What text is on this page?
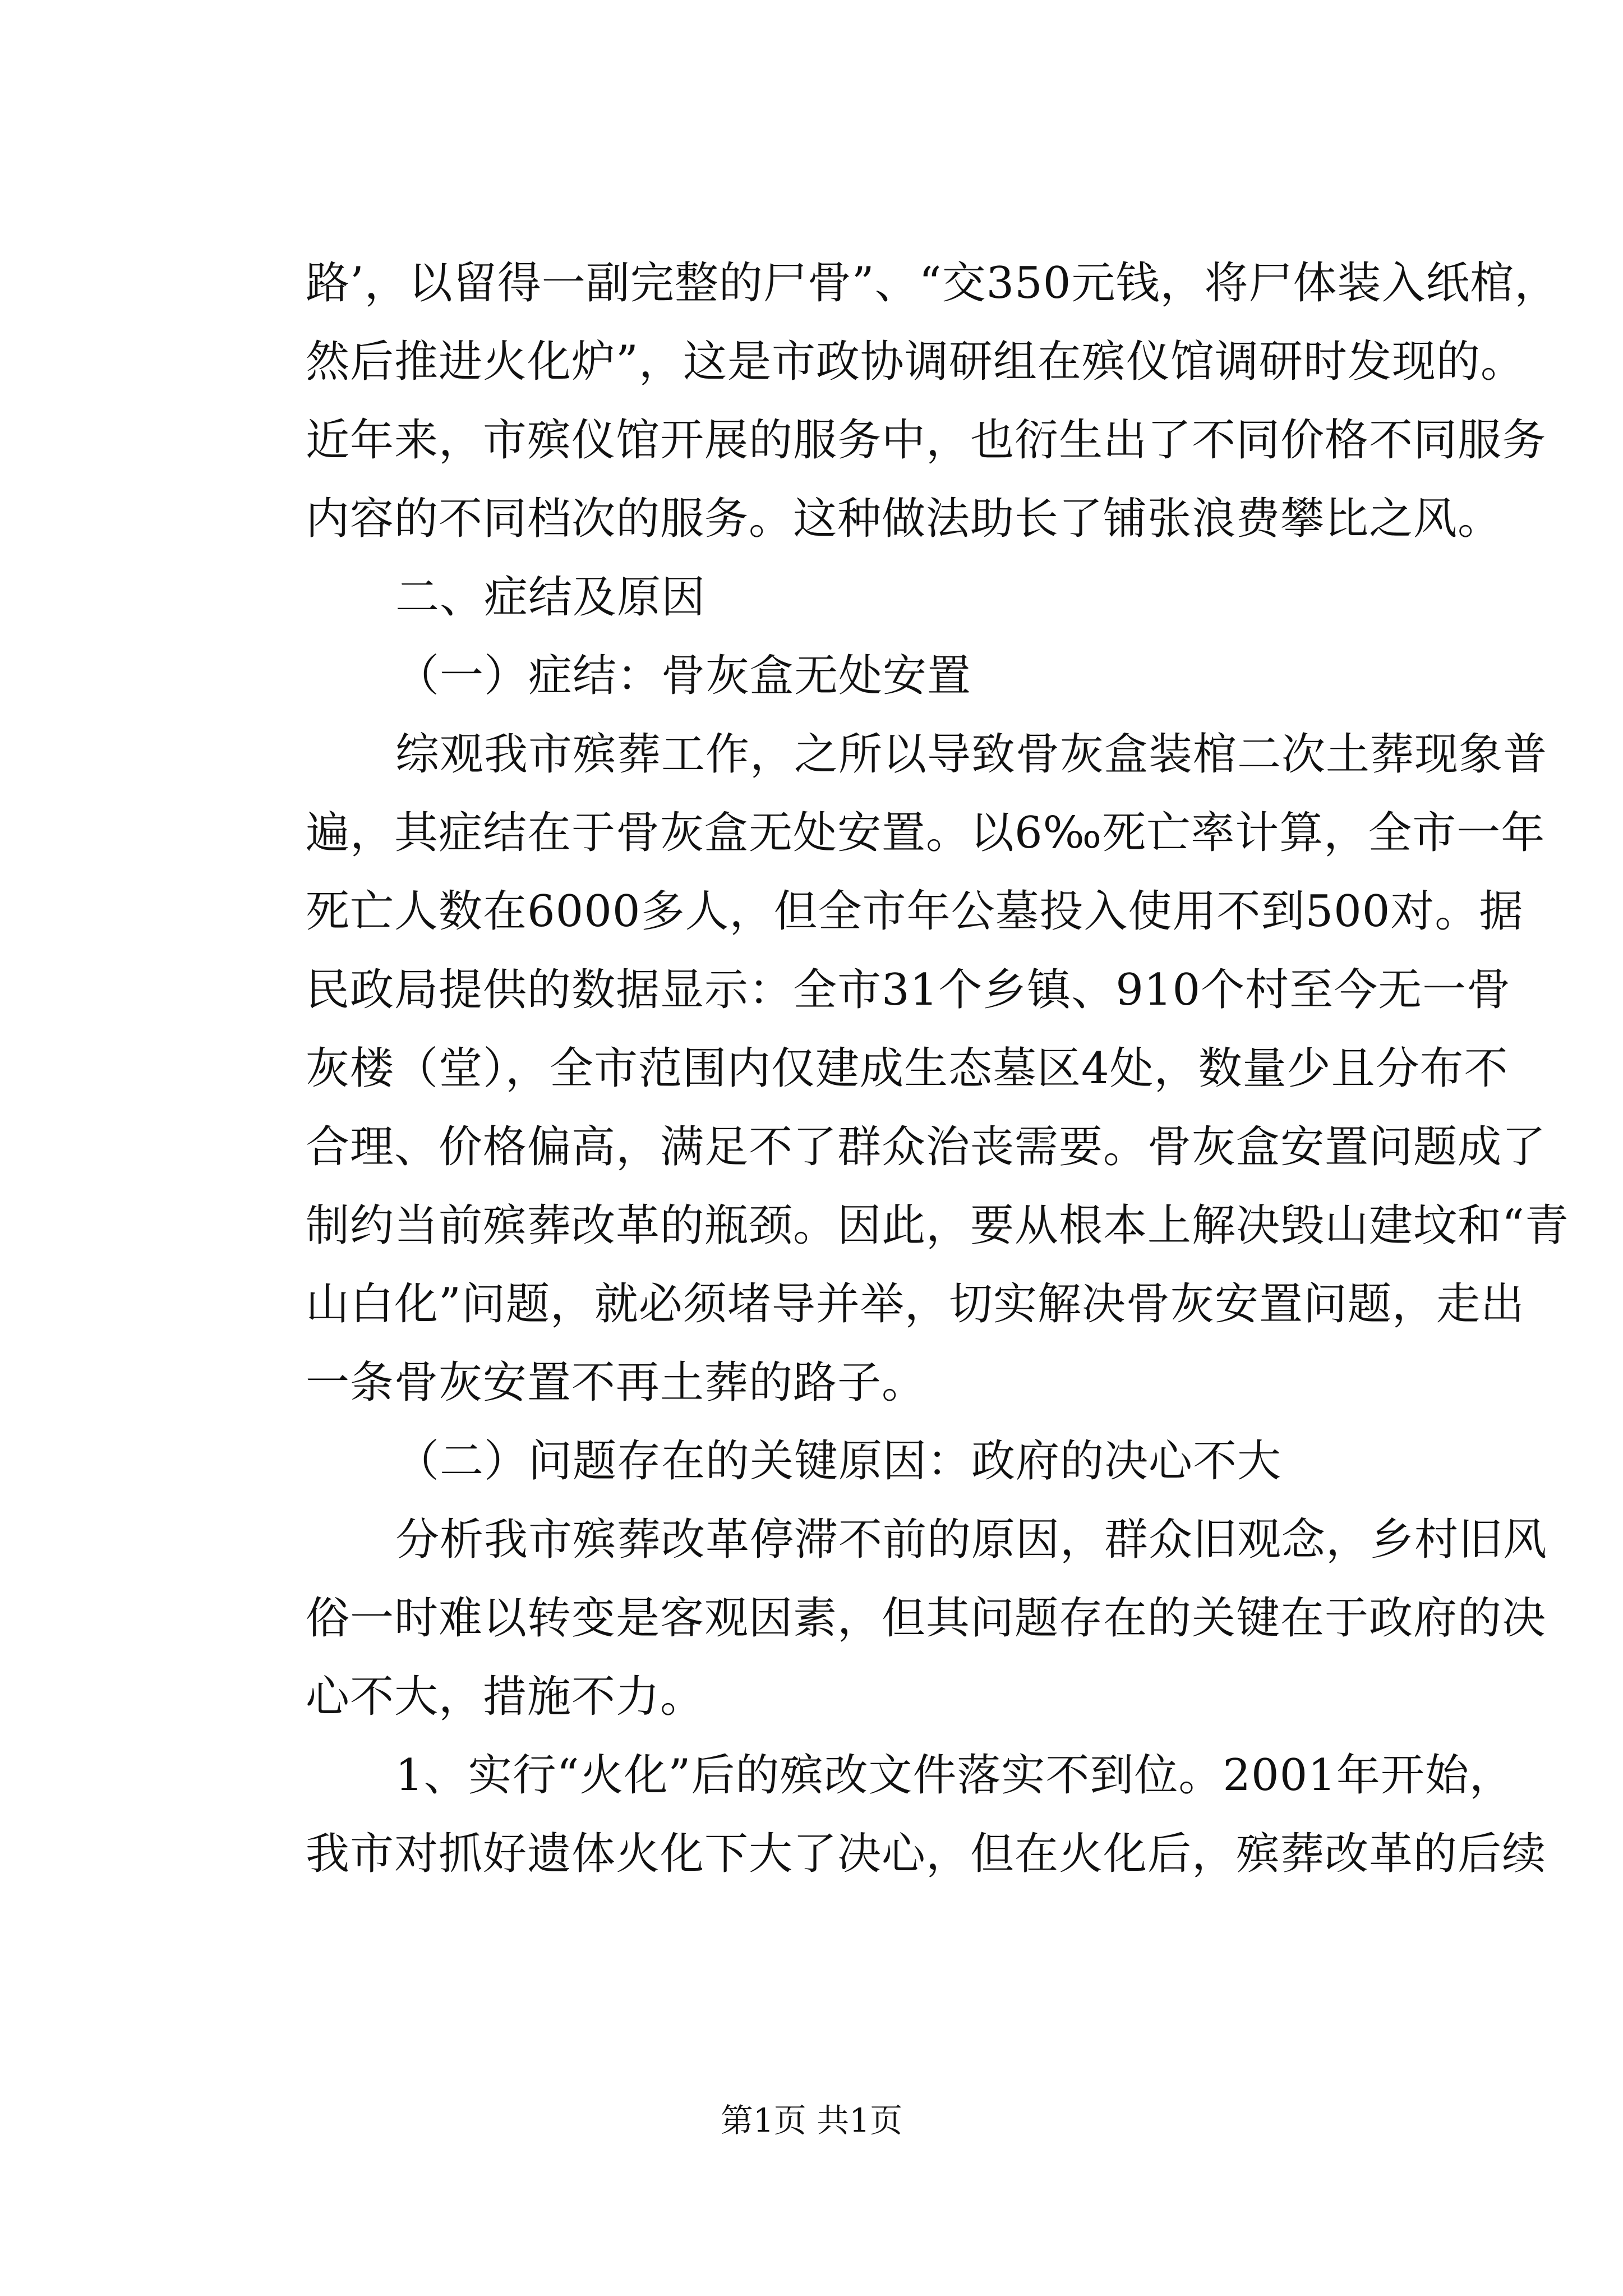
路’，以留得一副完整的尸骨”、“交350元钱，将尸体装入纸棺，
然后推进火化炉”，这是市政协调研组在殡仪馆调研时发现的。
近年来，市殡仪馆开展的服务中，也衍生出了不同价格不同服务
内容的不同档次的服务。这种做法助长了铺张浪费攀比之风。
二、症结及原因
（一）症结：骨灰盒无处安置
综观我市殡葬工作，之所以导致骨灰盒装棺二次土葬现象普
遍，其症结在于骨灰盒无处安置。以6‰死亡率计算，全市一年
死亡人数在6000多人，但全市年公墓投入使用不到500对。据
民政局提供的数据显示：全市31个乡镇、910个村至今无一骨
灰楼（堂），全市范围内仅建成生态墓区4处，数量少且分布不
合理、价格偏高，满足不了群众治丧需要。骨灰盒安置问题成了
制约当前殡葬改革的瓶颈。因此，要从根本上解决毁山建坟和“青
山白化”问题，就必须堵导并举，切实解决骨灰安置问题，走出
一条骨灰安置不再土葬的路子。
（二）问题存在的关键原因：政府的决心不大
分析我市殡葬改革停滞不前的原因，群众旧观念，乡村旧风
俗一时难以转变是客观因素，但其问题存在的关键在于政府的决
心不大，措施不力。
1、实行“火化”后的殡改文件落实不到位。2001年开始，
我市对抓好遗体火化下大了决心，但在火化后，殡葬改革的后续
第1页 共1页
